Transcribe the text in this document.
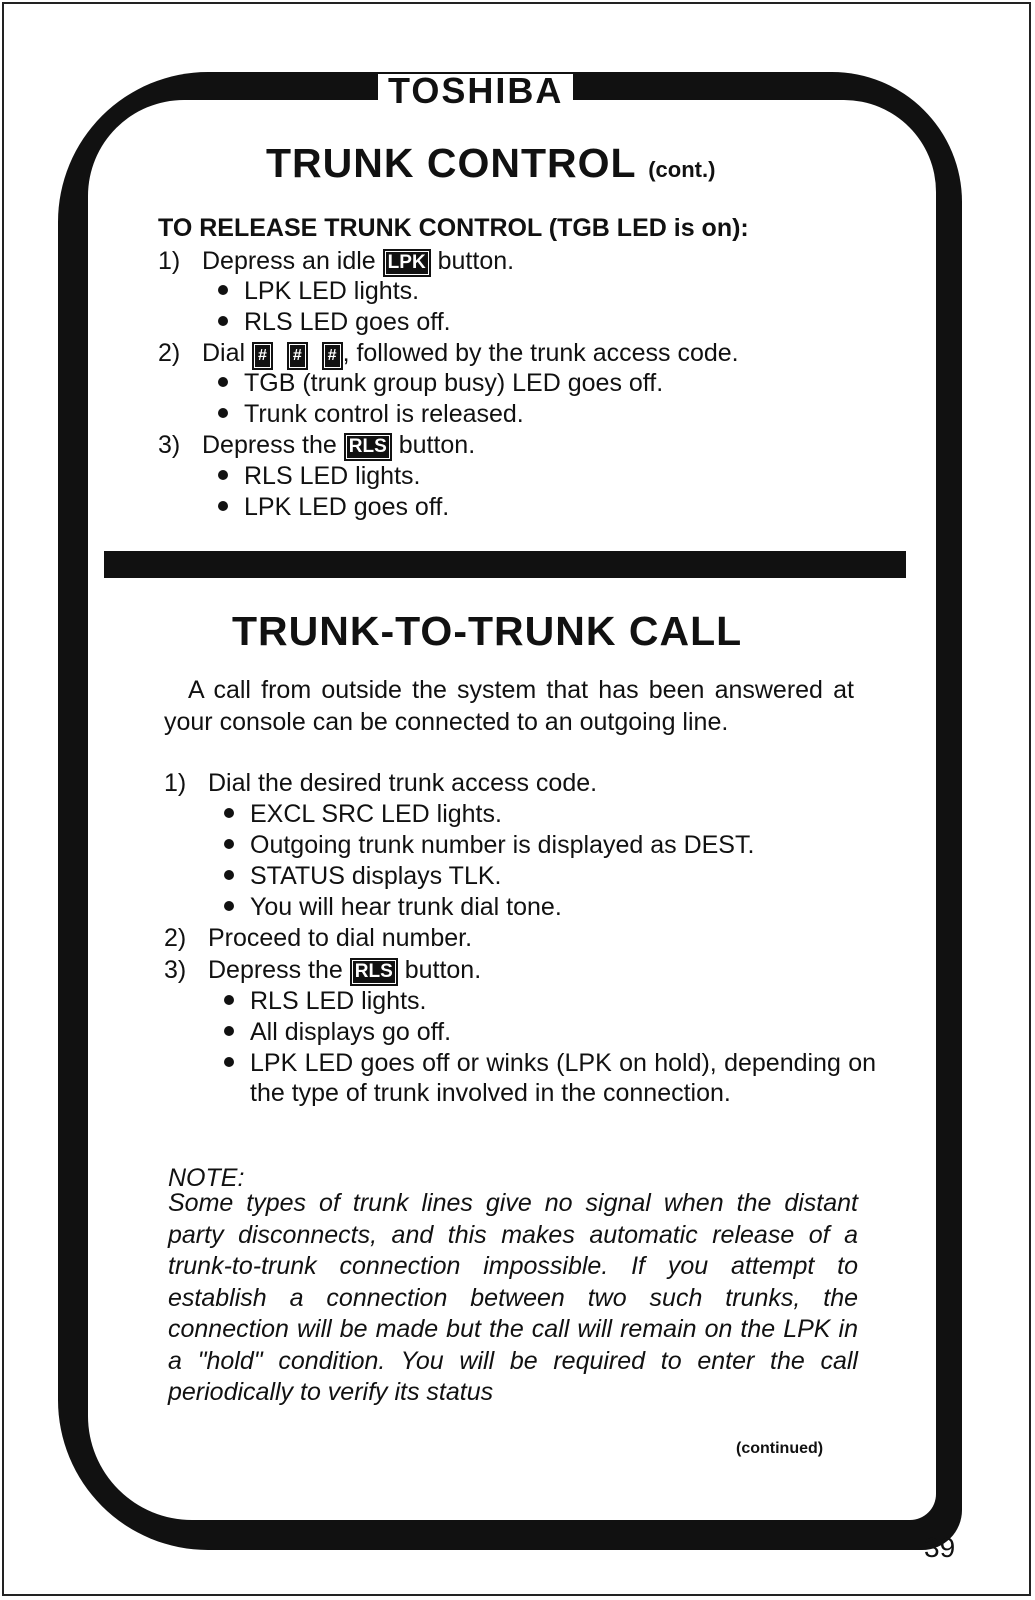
TOSHIBA
TRUNK CONTROL (cont.)
TO RELEASE TRUNK CONTROL (TGB LED is on):
1) Depress an idle LPK button.
LPK LED lights.
RLS LED goes off.
2) Dial # # # , followed by the trunk access code.
TGB (trunk group busy) LED goes off.
Trunk control is released.
3) Depress the RLS button.
RLS LED lights.
LPK LED goes off.
TRUNK-TO-TRUNK CALL
A call from outside the system that has been answered at your console can be connected to an outgoing line.
1) Dial the desired trunk access code.
EXCL SRC LED lights.
Outgoing trunk number is displayed as DEST.
STATUS displays TLK.
You will hear trunk dial tone.
2) Proceed to dial number.
3) Depress the RLS button.
RLS LED lights.
All displays go off.
LPK LED goes off or winks (LPK on hold), depending on the type of trunk involved in the connection.
NOTE:
Some types of trunk lines give no signal when the distant party disconnects, and this makes automatic release of a trunk-to-trunk connection impossible. If you attempt to establish a connection between two such trunks, the connection will be made but the call will remain on the LPK in a "hold" condition. You will be required to enter the call periodically to verify its status
(continued)
39
